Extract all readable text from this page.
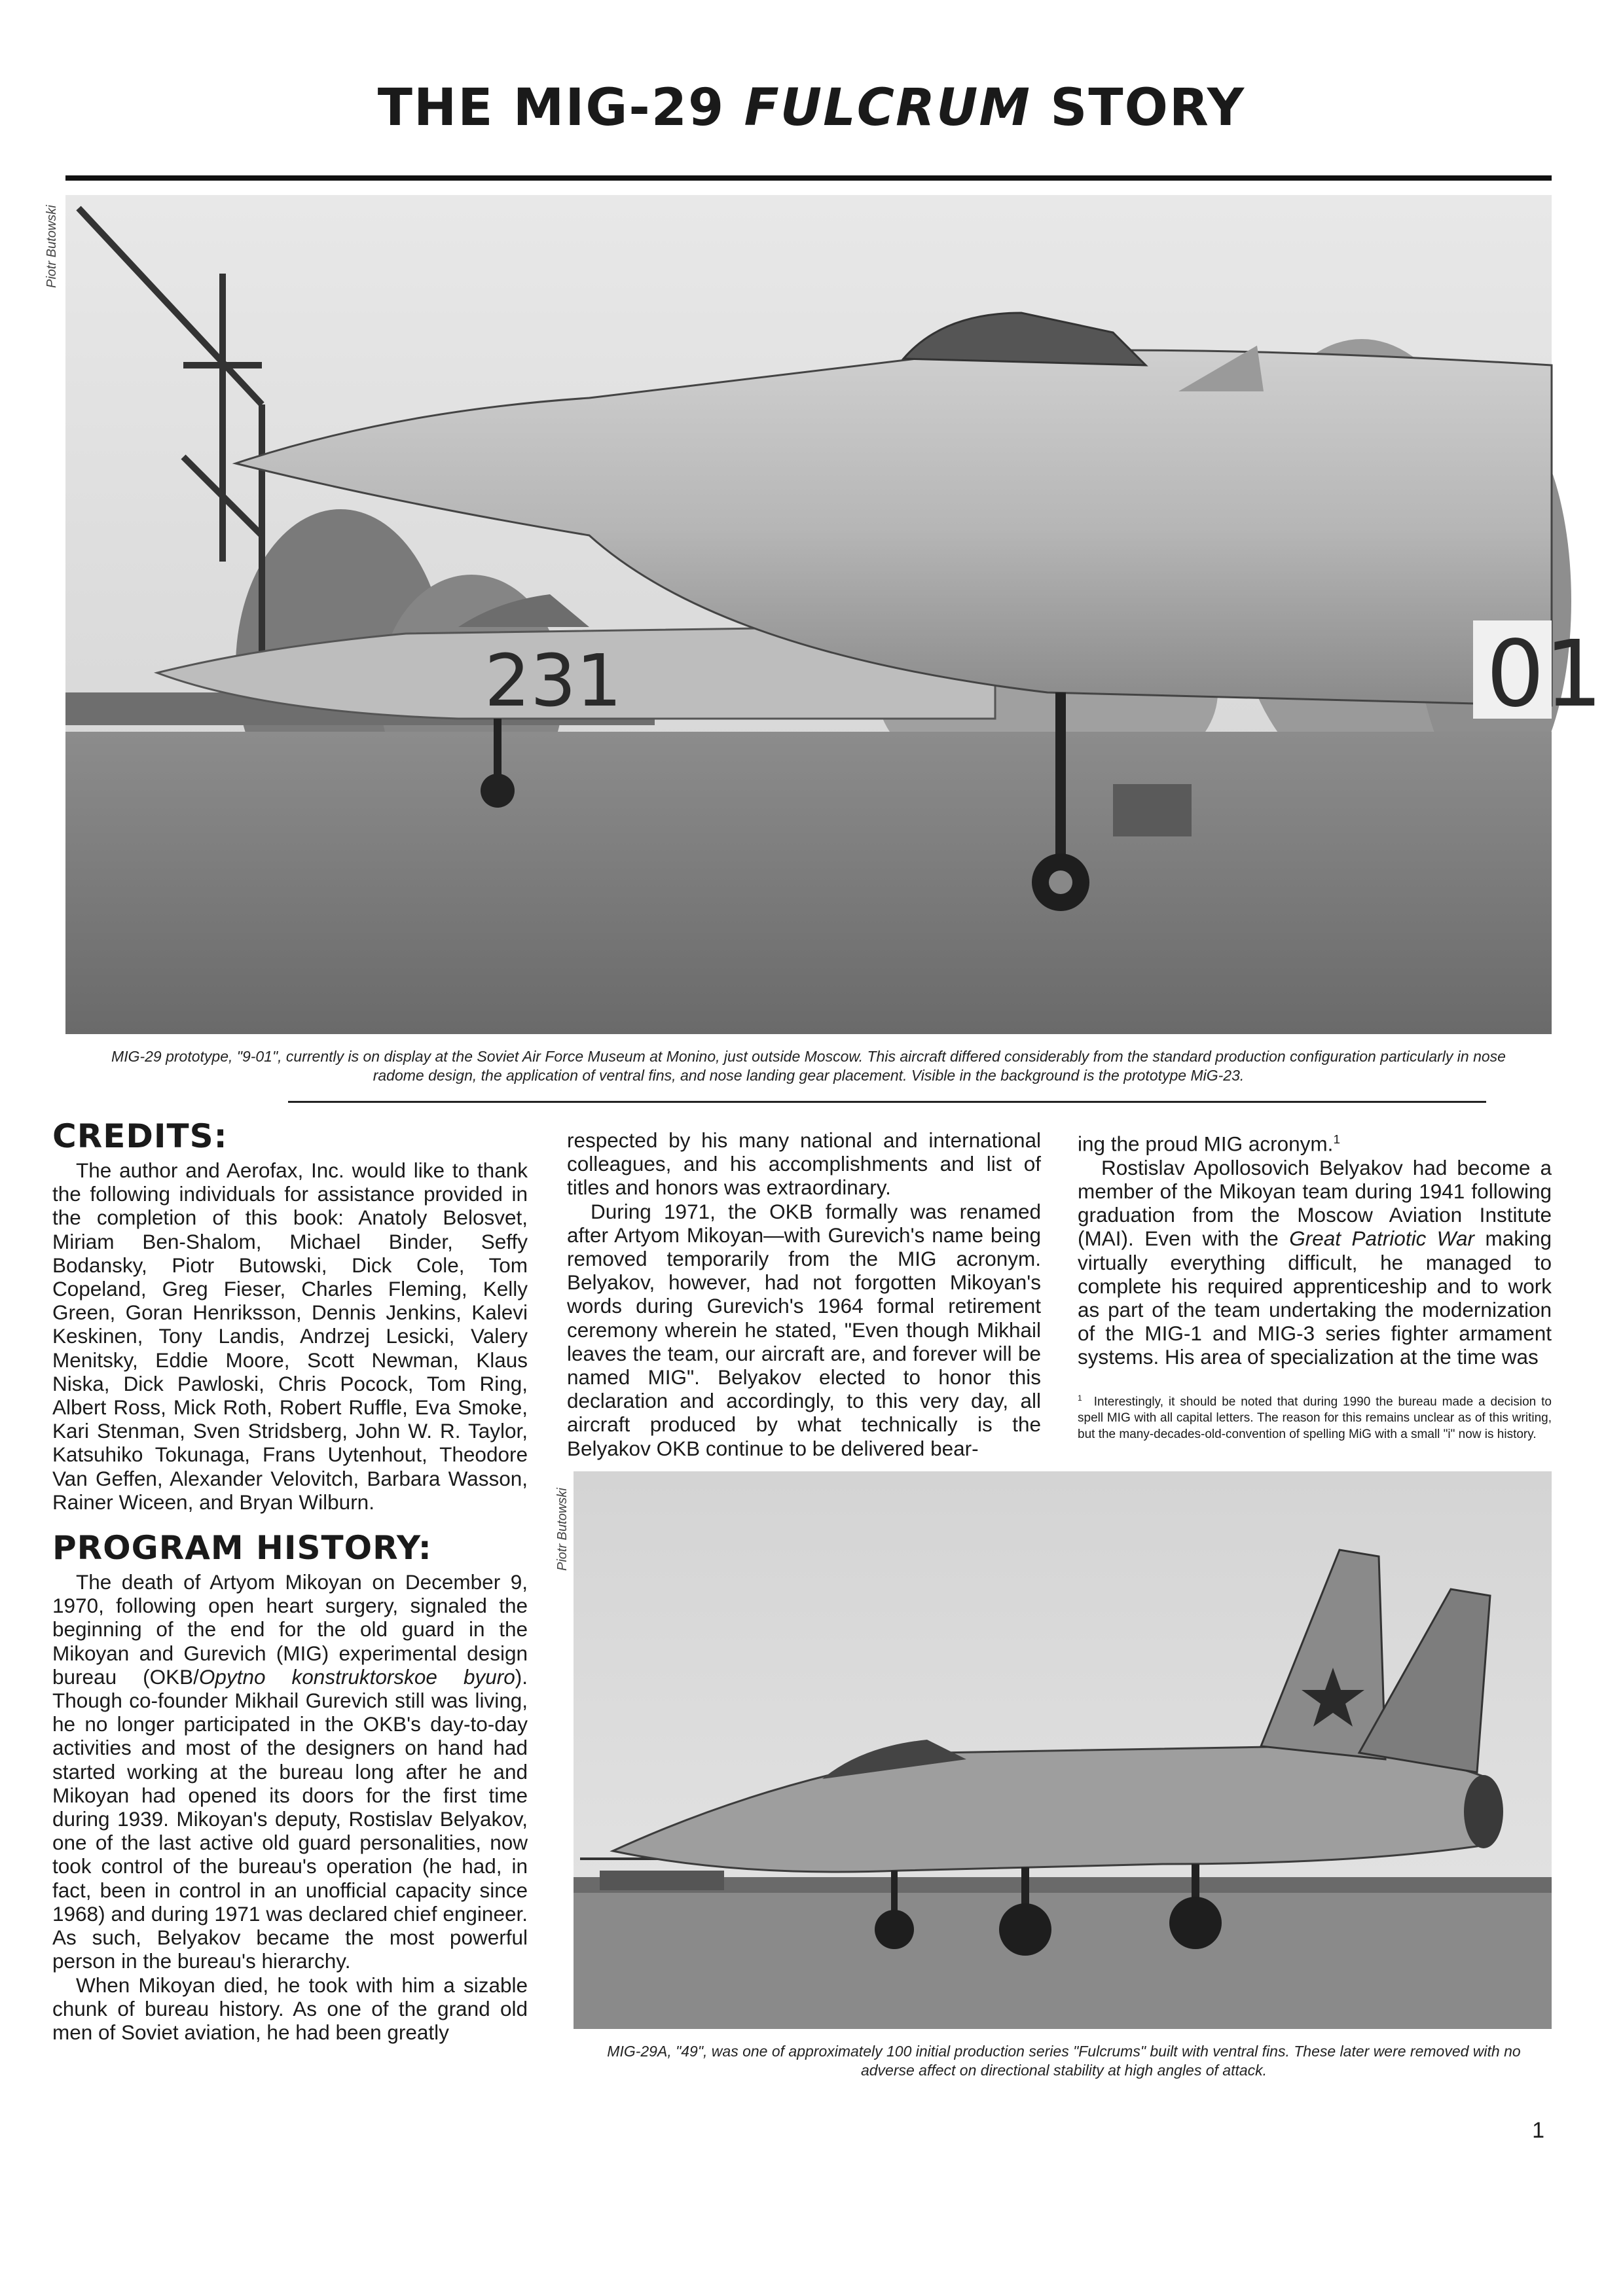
THE MIG-29 FULCRUM STORY
Piotr Butowski
231	01
MIG-29 prototype, "9-01", currently is on display at the Soviet Air Force Museum at Monino, just outside Moscow. This aircraft differed considerably from the standard production configuration particularly in nose radome design, the application of ventral fins, and nose landing gear placement. Visible in the background is the prototype MiG-23.
CREDITS:

The author and Aerofax, Inc. would like to thank the following individuals for assistance provided in the completion of this book: Anatoly Belosvet, Miriam Ben-Shalom, Michael Binder, Seffy Bodansky, Piotr Butowski, Dick Cole, Tom Copeland, Greg Fieser, Charles Fleming, Kelly Green, Goran Henriksson, Dennis Jenkins, Kalevi Keskinen, Tony Landis, Andrzej Lesicki, Valery Menitsky, Eddie Moore, Scott Newman, Klaus Niska, Dick Pawloski, Chris Pocock, Tom Ring, Albert Ross, Mick Roth, Robert Ruffle, Eva Smoke, Kari Stenman, Sven Stridsberg, John W. R. Taylor, Katsuhiko Tokunaga, Frans Uytenhout, Theodore Van Geffen, Alexander Velovitch, Barbara Wasson, Rainer Wiceen, and Bryan Wilburn.

PROGRAM HISTORY:

The death of Artyom Mikoyan on December 9, 1970, following open heart surgery, signaled the beginning of the end for the old guard in the Mikoyan and Gurevich (MIG) experimental design bureau (OKB/Opytno konstruktorskoe byuro). Though co-founder Mikhail Gurevich still was living, he no longer participated in the OKB's day-to-day activities and most of the designers on hand had started working at the bureau long after he and Mikoyan had opened its doors for the first time during 1939. Mikoyan's deputy, Rostislav Belyakov, one of the last active old guard personalities, now took control of the bureau's operation (he had, in fact, been in control in an unofficial capacity since 1968) and during 1971 was declared chief engineer. As such, Belyakov became the most powerful person in the bureau's hierarchy.

When Mikoyan died, he took with him a sizable chunk of bureau history. As one of the grand old men of Soviet aviation, he had been greatly

respected by his many national and international colleagues, and his accomplishments and list of titles and honors was extraordinary.

During 1971, the OKB formally was renamed after Artyom Mikoyan—with Gurevich's name being removed temporarily from the MIG acronym. Belyakov, however, had not forgotten Mikoyan's words during Gurevich's 1964 formal retirement ceremony wherein he stated, "Even though Mikhail leaves the team, our aircraft are, and forever will be named MIG". Belyakov elected to honor this declaration and accordingly, to this very day, all aircraft produced by what technically is the Belyakov OKB continue to be delivered bear-

ing the proud MIG acronym.$^1$

Rostislav Apollosovich Belyakov had become a member of the Mikoyan team during 1941 following graduation from the Moscow Aviation Institute (MAI). Even with the Great Patriotic War making virtually everything difficult, he managed to complete his required apprenticeship and to work as part of the team undertaking the modernization of the MIG-1 and MIG-3 series fighter armament systems. His area of specialization at the time was

$^1$ Interestingly, it should be noted that during 1990 the bureau made a decision to spell MIG with all capital letters. The reason for this remains unclear as of this writing, but the many-decades-old-convention of spelling MiG with a small "i" now is history.
Piotr Butowski
MIG-29A, "49", was one of approximately 100 initial production series "Fulcrums" built with ventral fins. These later were removed with no adverse affect on directional stability at high angles of attack.
1
